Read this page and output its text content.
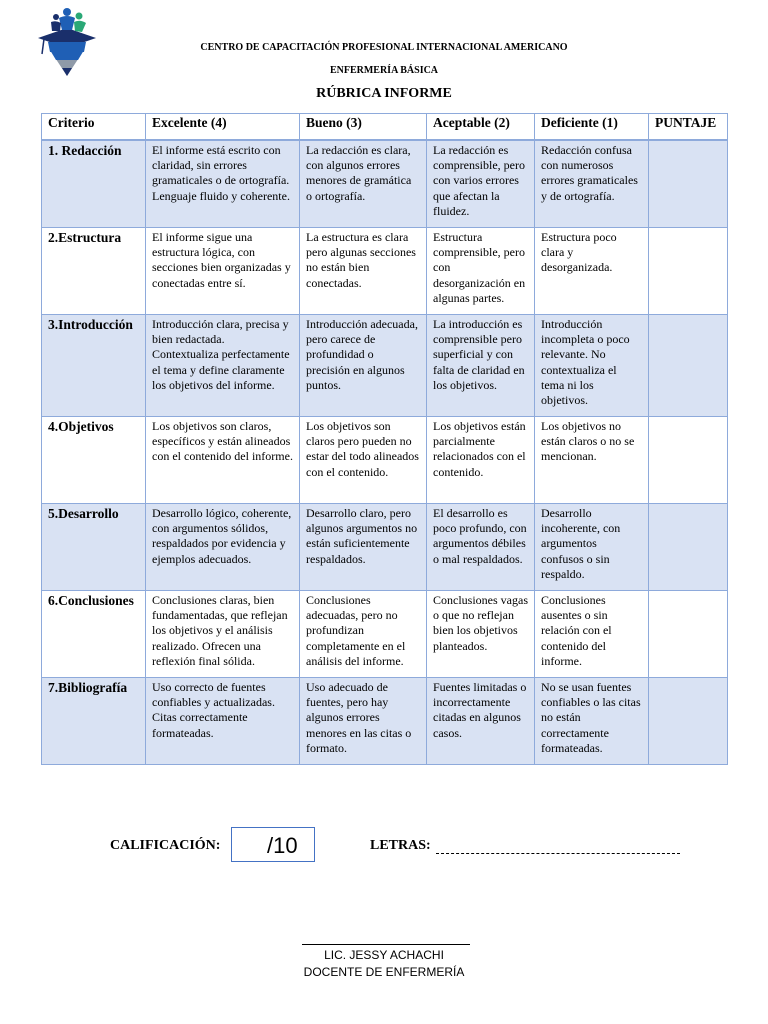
CENTRO DE CAPACITACIÓN PROFESIONAL INTERNACIONAL AMERICANO
ENFERMERÍA BÁSICA
RÚBRICA INFORME
Criterio	Excelente (4)	Bueno (3)	Aceptable (2)	Deficiente (1)	PUNTAJE
1. Redacción	El informe está escrito con claridad, sin errores gramaticales o de ortografía. Lenguaje fluido y coherente.	La redacción es clara, con algunos errores menores de gramática o ortografía.	La redacción es comprensible, pero con varios errores que afectan la fluidez.	Redacción confusa con numerosos errores gramaticales y de ortografía.	
2.Estructura	El informe sigue una estructura lógica, con secciones bien organizadas y conectadas entre sí.	La estructura es clara pero algunas secciones no están bien conectadas.	Estructura comprensible, pero con desorganización en algunas partes.	Estructura poco clara y desorganizada.	
3.Introducción	Introducción clara, precisa y bien redactada. Contextualiza perfectamente el tema y define claramente los objetivos del informe.	Introducción adecuada, pero carece de profundidad o precisión en algunos puntos.	La introducción es comprensible pero superficial y con falta de claridad en los objetivos.	Introducción incompleta o poco relevante. No contextualiza el tema ni los objetivos.	
4.Objetivos	Los objetivos son claros, específicos y están alineados con el contenido del informe.	Los objetivos son claros pero pueden no estar del todo alineados con el contenido.	Los objetivos están parcialmente relacionados con el contenido.	Los objetivos no están claros o no se mencionan.	
5.Desarrollo	Desarrollo lógico, coherente, con argumentos sólidos, respaldados por evidencia y ejemplos adecuados.	Desarrollo claro, pero algunos argumentos no están suficientemente respaldados.	El desarrollo es poco profundo, con argumentos débiles o mal respaldados.	Desarrollo incoherente, con argumentos confusos o sin respaldo.	
6.Conclusiones	Conclusiones claras, bien fundamentadas, que reflejan los objetivos y el análisis realizado. Ofrecen una reflexión final sólida.	Conclusiones adecuadas, pero no profundizan completamente en el análisis del informe.	Conclusiones vagas o que no reflejan bien los objetivos planteados.	Conclusiones ausentes o sin relación con el contenido del informe.	
7.Bibliografía	Uso correcto de fuentes confiables y actualizadas. Citas correctamente formateadas.	Uso adecuado de fuentes, pero hay algunos errores menores en las citas o formato.	Fuentes limitadas o incorrectamente citadas en algunos casos.	No se usan fuentes confiables o las citas no están correctamente formateadas.	
CALIFICACIÓN: /10	LETRAS:
LIC. JESSY ACHACHI
DOCENTE DE ENFERMERÍA
